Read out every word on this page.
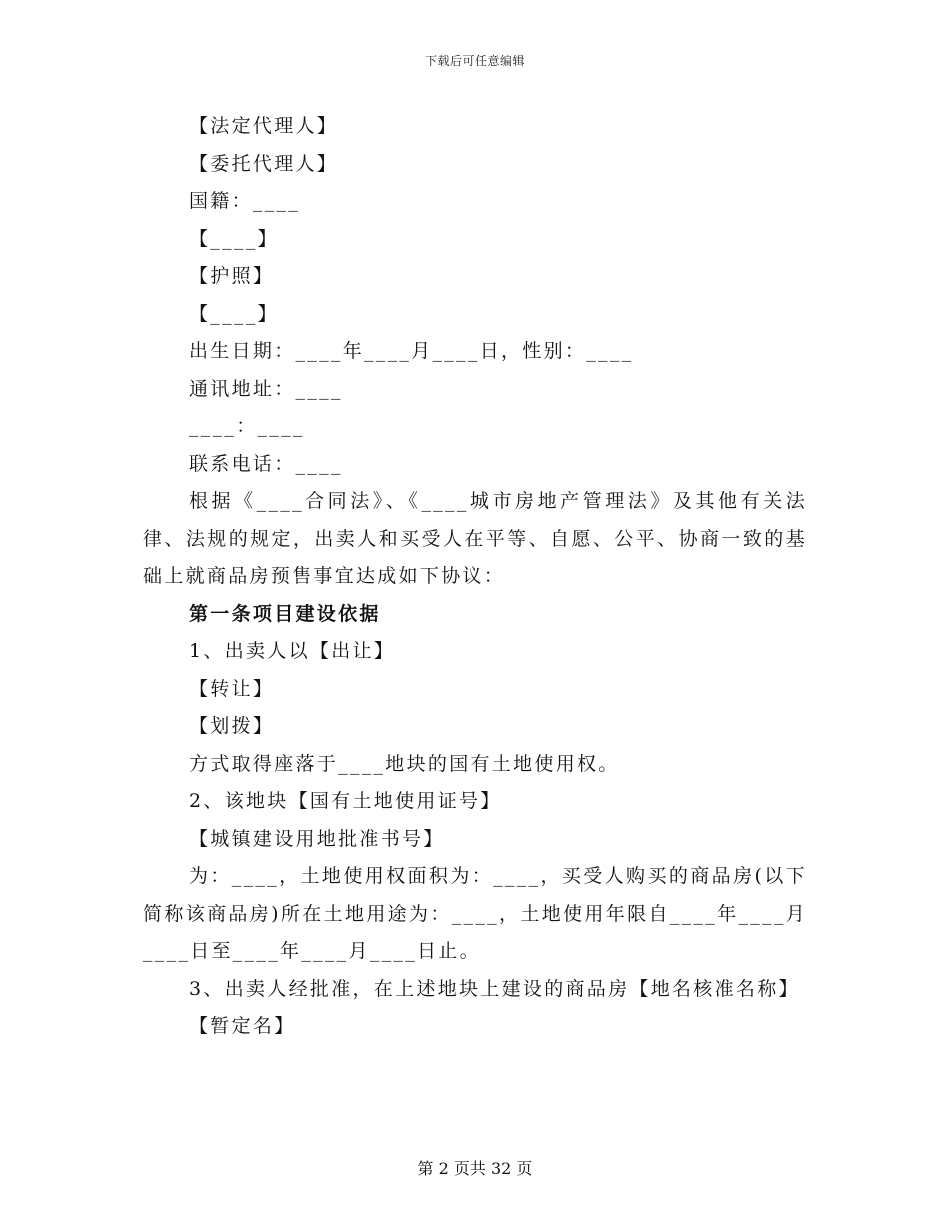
下载后可任意编辑
【法定代理人】
【委托代理人】
国籍：____
【____】
【护照】
【____】
出生日期：____年____月____日，性别：____
通讯地址：____
____：____
联系电话：____
根据《____合同法》、《____城市房地产管理法》及其他有关法律、法规的规定，出卖人和买受人在平等、自愿、公平、协商一致的基础上就商品房预售事宜达成如下协议：
第一条项目建设依据
1、出卖人以【出让】
【转让】
【划拨】
方式取得座落于____地块的国有土地使用权。
2、该地块【国有土地使用证号】
【城镇建设用地批准书号】
为：____，土地使用权面积为：____，买受人购买的商品房(以下简称该商品房)所在土地用途为：____，土地使用年限自____年____月____日至____年____月____日止。
3、出卖人经批准，在上述地块上建设的商品房【地名核准名称】
【暂定名】
第 2 页共 32 页
